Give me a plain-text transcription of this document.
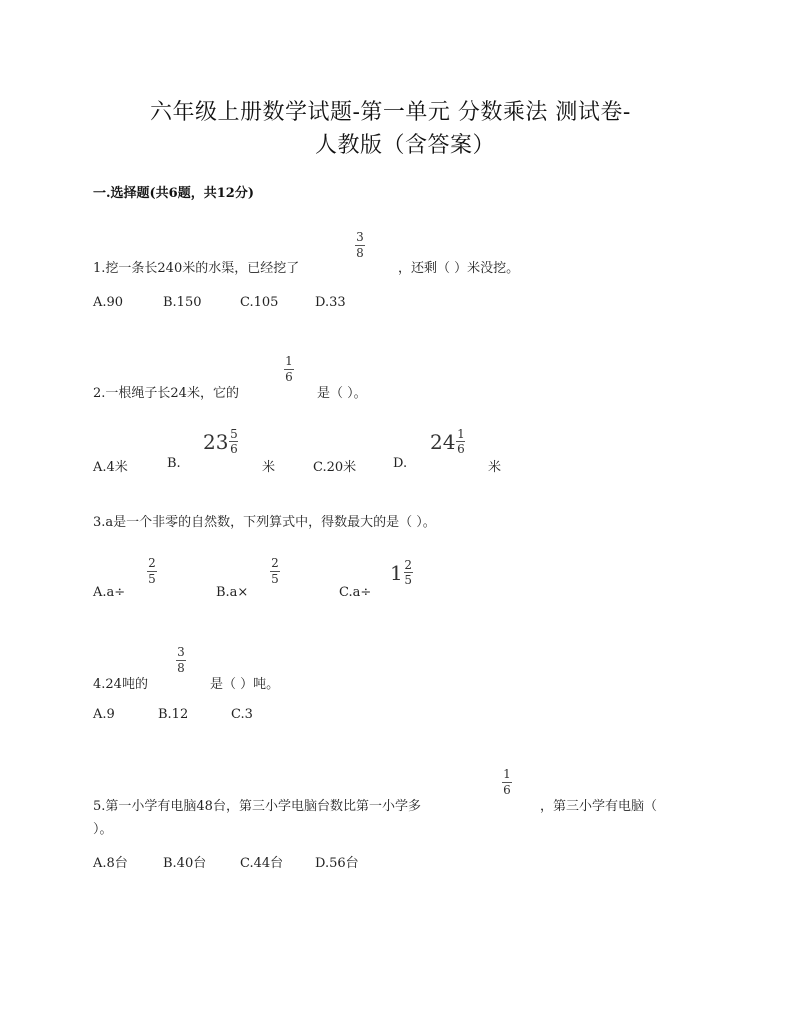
六年级上册数学试题-第一单元 分数乘法 测试卷-
人教版（含答案）
一.选择题(共6题，共12分)
1.挖一条长240米的水渠，已经挖了
3
8
，还剩（ ）米没挖。
A.90	B.150	C.105	D.33
2.一根绳子长24米，它的
1
6
是（ ）。
A.4米	B.
23 5
6
米	C.20米	D.
24 1
6
米
3.a是一个非零的自然数，下列算式中，得数最大的是（ ）。
A.a÷
2
5
B.a×
2
5
C.a÷
1 2
5
4.24吨的
3
8
是（ ）吨。
A.9	B.12	C.3
5.第一小学有电脑48台，第三小学电脑台数比第一小学多
1
6
，第三小学有电脑（
）。
A.8台	B.40台	C.44台 D.56台
